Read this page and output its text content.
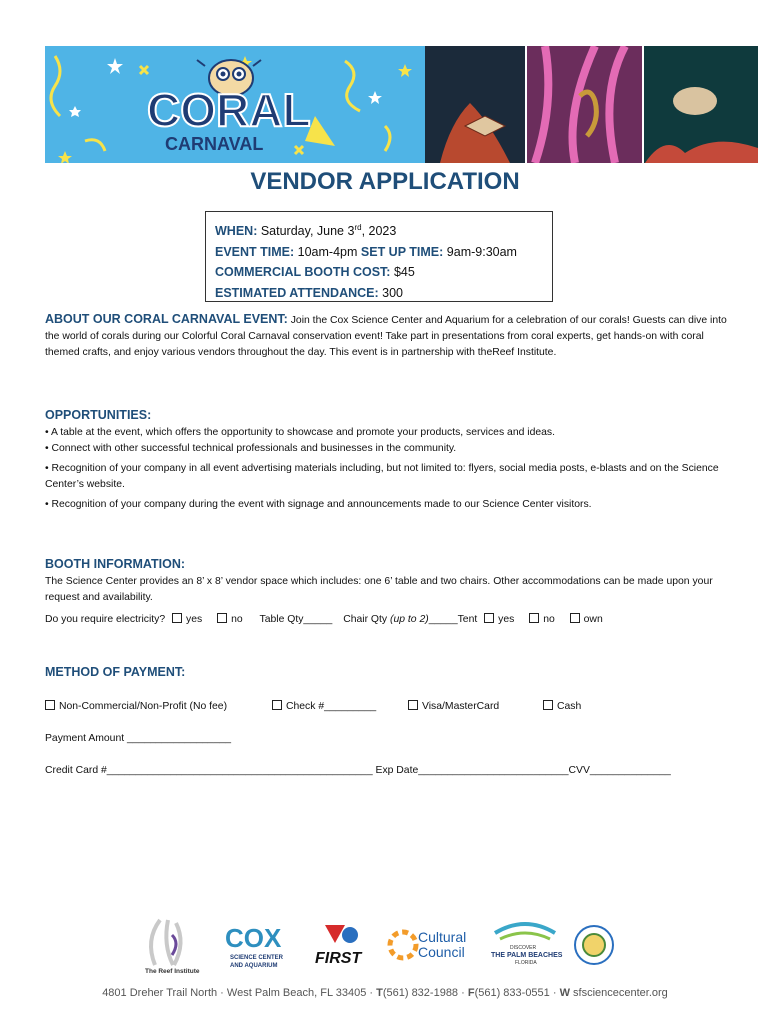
CORAL
CARNAVAL
VENDOR APPLICATION
WHEN: Saturday, June 3rd, 2023
EVENT TIME: 10am-4pm SET UP TIME: 9am-9:30am
COMMERCIAL BOOTH COST: $45
ESTIMATED ATTENDANCE: 300
ABOUT OUR CORAL CARNAVAL EVENT: Join the Cox Science Center and Aquarium for a celebration of our corals! Guests can dive into the world of corals during our Colorful Coral Carnaval conservation event! Take part in presentations from coral experts, get hands-on with coral themed crafts, and enjoy various vendors throughout the day. This event is in partnership with theReef Institute.
OPPORTUNITIES:
• A table at the event, which offers the opportunity to showcase and promote your products, services and ideas.
• Connect with other successful technical professionals and businesses in the community.
• Recognition of your company in all event advertising materials including, but not limited to: flyers, social media posts, e-blasts and on the Science Center’s website.
• Recognition of your company during the event with signage and announcements made to our Science Center visitors.
BOOTH INFORMATION:
The Science Center provides an 8’ x 8’ vendor space which includes: one 6’ table and two chairs. Other accommodations can be made upon your request and availability.
Do you require electricity? yes	no Table Qty_____ Chair Qty (up to 2)_____Tent yes	no	own
METHOD OF PAYMENT:
Non-Commercial/Non-Profit (No fee)	Check #_________	Visa/MasterCard	Cash
Payment Amount __________________
Credit Card #______________________________________________ Exp Date__________________________CVV______________
The Reef Institute
COX
SCIENCE CENTER
AND AQUARIUM FIRST
Cultural
Council	DISCOVER
THE PALM BEACHES
FLORIDA
4801 Dreher Trail North · West Palm Beach, FL 33405 · T(561) 832-1988 · F(561) 833-0551 · W sfsciencecenter.org
